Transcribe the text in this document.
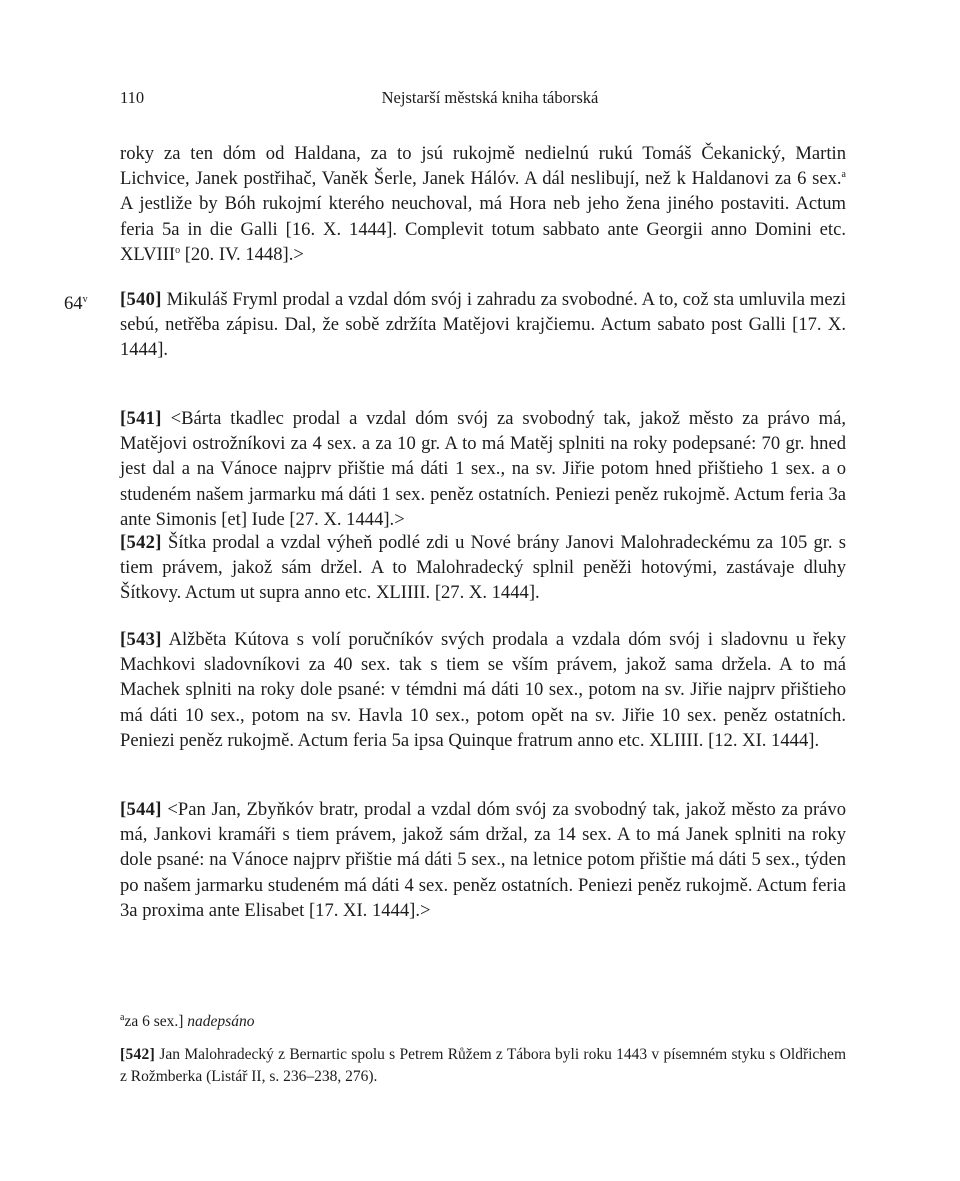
110	Nejstarší městská kniha táborská
roky za ten dóm od Haldana, za to jsú rukojmě nedielnú rukú Tomáš Čekanický, Martin Lichvice, Janek postřihač, Vaněk Šerle, Janek Hálóv. A dál neslibují, než k Haldanovi za 6 sex.$^a$ A jestliže by Bóh rukojmí kterého neuchoval, má Hora neb jeho žena jiného postaviti. Actum feria 5a in die Galli [16. X. 1444]. Complevit totum sabbato ante Georgii anno Domini etc. XLVIII$^o$ [20. IV. 1448].>
$64^v$ [540] Mikuláš Fryml prodal a vzdal dóm svój i zahradu za svobodné. A to, což sta umluvila mezi sebú, netřěba zápisu. Dal, že sobě zdržíta Matějovi krajčiemu. Actum sabato post Galli [17. X. 1444].
[541] <Bárta tkadlec prodal a vzdal dóm svój za svobodný tak, jakož město za právo má, Matějovi ostrožníkovi za 4 sex. a za 10 gr. A to má Matěj splniti na roky podepsané: 70 gr. hned jest dal a na Vánoce najprv přištie má dáti 1 sex., na sv. Jiřie potom hned přištieho 1 sex. a o studeném našem jarmarku má dáti 1 sex. peněz ostatních. Peniezi peněz rukojmě. Actum feria 3a ante Simonis [et] Iude [27. X. 1444].>
[542] Šítka prodal a vzdal výheň podlé zdi u Nové brány Janovi Malohradeckému za 105 gr. s tiem právem, jakož sám držel. A to Malohradecký splnil peněži hotovými, zastávaje dluhy Šítkovy. Actum ut supra anno etc. XLIIII. [27. X. 1444].
[543] Alžběta Kútova s volí poručníkóv svých prodala a vzdala dóm svój i sladovnu u řeky Machkovi sladovníkovi za 40 sex. tak s tiem se vším právem, jakož sama držela. A to má Machek splniti na roky dole psané: v témdni má dáti 10 sex., potom na sv. Jiřie najprv přištieho má dáti 10 sex., potom na sv. Havla 10 sex., potom opět na sv. Jiřie 10 sex. peněz ostatních. Peniezi peněz rukojmě. Actum feria 5a ipsa Quinque fratrum anno etc. XLIIII. [12. XI. 1444].
[544] <Pan Jan, Zbyňkóv bratr, prodal a vzdal dóm svój za svobodný tak, jakož město za právo má, Jankovi kramáři s tiem právem, jakož sám držal, za 14 sex. A to má Janek splniti na roky dole psané: na Vánoce najprv přištie má dáti 5 sex., na letnice potom přištie má dáti 5 sex., týden po našem jarmarku studeném má dáti 4 sex. peněz ostatních. Peniezi peněz rukojmě. Actum feria 3a proxima ante Elisabet [17. XI. 1444].>
$^a$za 6 sex.] nadepsáno
[542] Jan Malohradecký z Bernartic spolu s Petrem Růžem z Tábora byli roku 1443 v písemném styku s Oldřichem z Rožmberka (Listář II, s. 236–238, 276).
